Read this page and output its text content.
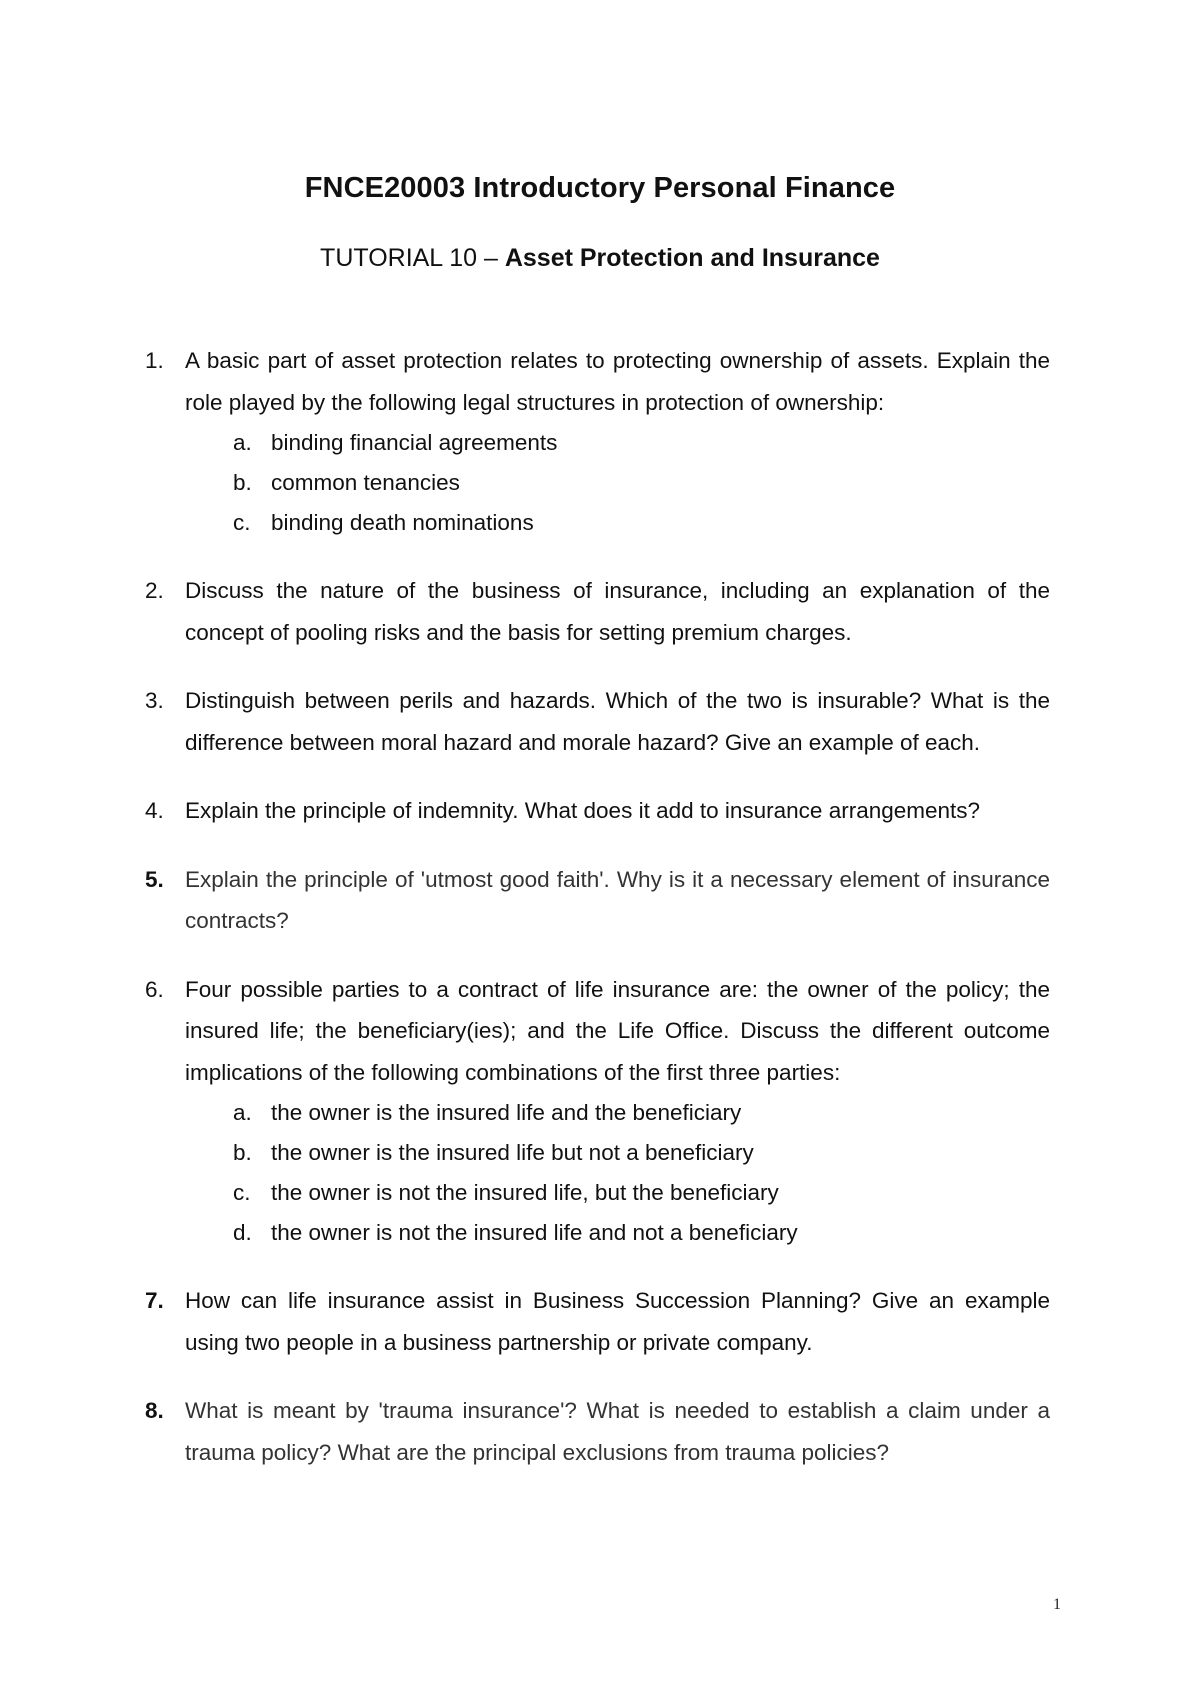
FNCE20003 Introductory Personal Finance
TUTORIAL 10 – Asset Protection and Insurance
1. A basic part of asset protection relates to protecting ownership of assets. Explain the role played by the following legal structures in protection of ownership:
a. binding financial agreements
b. common tenancies
c. binding death nominations
2. Discuss the nature of the business of insurance, including an explanation of the concept of pooling risks and the basis for setting premium charges.
3. Distinguish between perils and hazards. Which of the two is insurable? What is the difference between moral hazard and morale hazard? Give an example of each.
4. Explain the principle of indemnity. What does it add to insurance arrangements?
5. Explain the principle of 'utmost good faith'. Why is it a necessary element of insurance contracts?
6. Four possible parties to a contract of life insurance are: the owner of the policy; the insured life; the beneficiary(ies); and the Life Office. Discuss the different outcome implications of the following combinations of the first three parties:
a. the owner is the insured life and the beneficiary
b. the owner is the insured life but not a beneficiary
c. the owner is not the insured life, but the beneficiary
d. the owner is not the insured life and not a beneficiary
7. How can life insurance assist in Business Succession Planning? Give an example using two people in a business partnership or private company.
8. What is meant by 'trauma insurance'? What is needed to establish a claim under a trauma policy? What are the principal exclusions from trauma policies?
1
